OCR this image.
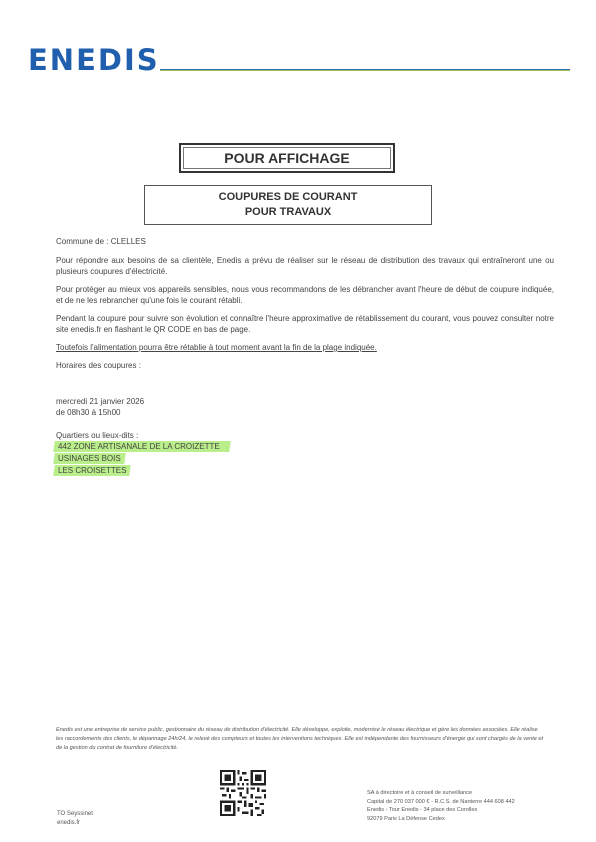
ENEDIS
POUR AFFICHAGE
COUPURES DE COURANT
POUR TRAVAUX

Commune de : CLELLES

Pour répondre aux besoins de sa clientèle, Enedis a prévu de réaliser sur le réseau de distribution des travaux qui entraîneront une ou plusieurs coupures d'électricité.

Pour protéger au mieux vos appareils sensibles, nous vous recommandons de les débrancher avant l'heure de début de coupure indiquée, et de ne les rebrancher qu'une fois le courant rétabli.

Pendant la coupure pour suivre son évolution et connaître l'heure approximative de rétablissement du courant, vous pouvez consulter notre site enedis.fr en flashant le QR CODE en bas de page.

Toutefois l'alimentation pourra être rétablie à tout moment avant la fin de la plage indiquée.

Horaires des coupures :

mercredi 21 janvier 2026

de 08h30 à 15h00

Quartiers ou lieux-dits :

442 ZONE ARTISANALE DE LA CROIZETTE
USINAGES BOIS
LES CROISETTES
Enedis est une entreprise de service public, gestionnaire du réseau de distribution d'électricité. Elle développe, exploite, modernise le réseau électrique et gère les données associées. Elle réalise les raccordements des clients, le dépannage 24h/24, le relevé des compteurs et toutes les interventions techniques. Elle est indépendante des fournisseurs d'énergie qui sont chargés de la vente et de la gestion du contrat de fourniture d'électricité.
TO Seyssinet
enedis.fr
SA à directoire et à conseil de surveillance
Capital de 270 037 000 € - R.C.S. de Nanterre 444 608 442
Enedis - Tour Enedis - 34 place des Corolles
92079 Paris La Défense Cedex
